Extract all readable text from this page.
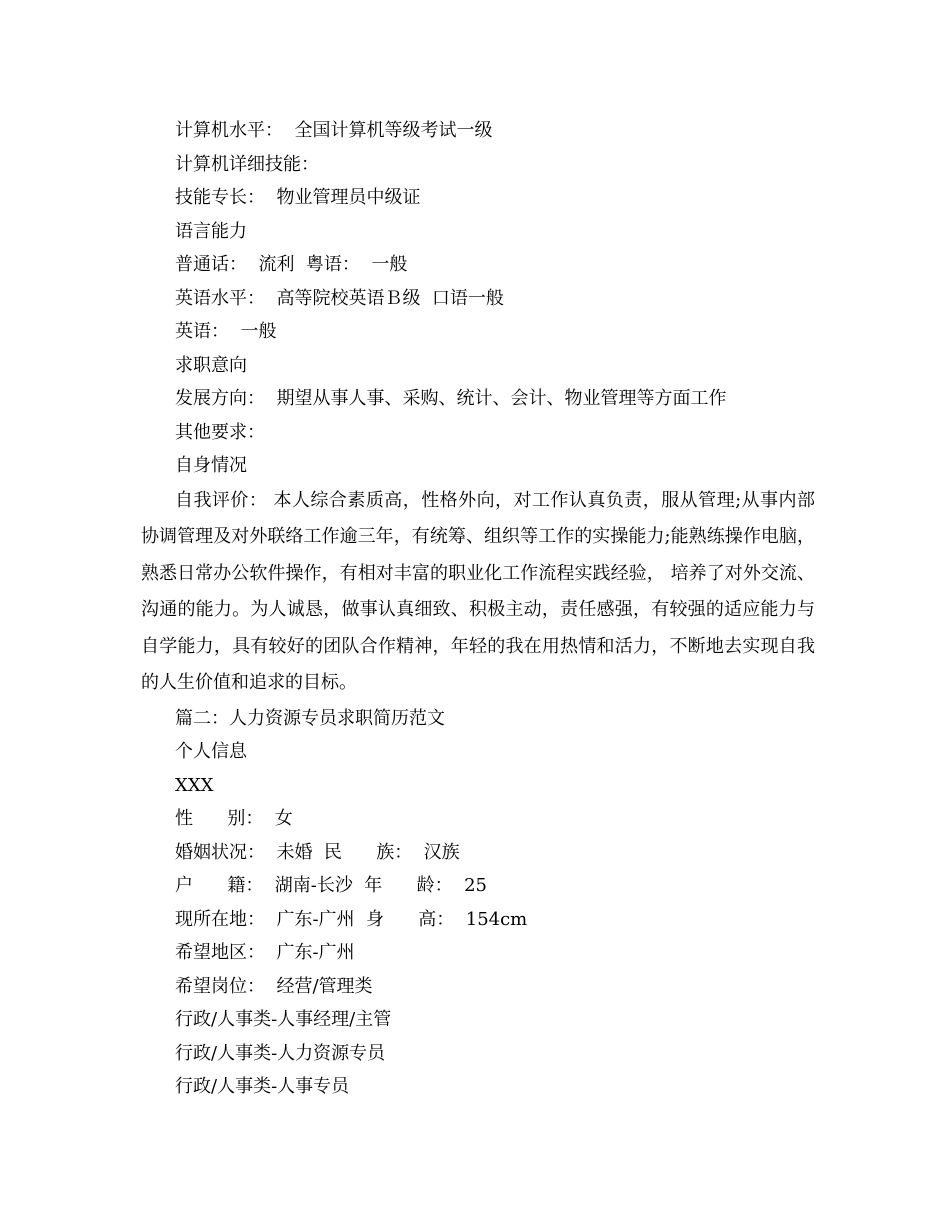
计算机水平：  全国计算机等级考试一级
计算机详细技能：
技能专长：  物业管理员中级证
语言能力
普通话：  流利  粤语：  一般
英语水平：  高等院校英语Ｂ级  口语一般
英语：  一般
求职意向
发展方向：  期望从事人事、采购、统计、会计、物业管理等方面工作
其他要求：
自身情况
自我评价： 本人综合素质高，性格外向，对工作认真负责，服从管理;从事内部协调管理及对外联络工作逾三年，有统筹、组织等工作的实操能力;能熟练操作电脑，熟悉日常办公软件操作，有相对丰富的职业化工作流程实践经验， 培养了对外交流、沟通的能力。为人诚恳，做事认真细致、积极主动，责任感强，有较强的适应能力与自学能力，具有较好的团队合作精神，年轻的我在用热情和活力，不断地去实现自我的人生价值和追求的目标。
篇二：人力资源专员求职简历范文
个人信息
XXX
性      别：  女
婚姻状况：  未婚  民      族：  汉族
户      籍：  湖南-长沙  年      龄：  25
现所在地：  广东-广州  身      高：  154cm
希望地区：  广东-广州
希望岗位：  经营/管理类
行政/人事类-人事经理/主管
行政/人事类-人力资源专员
行政/人事类-人事专员
